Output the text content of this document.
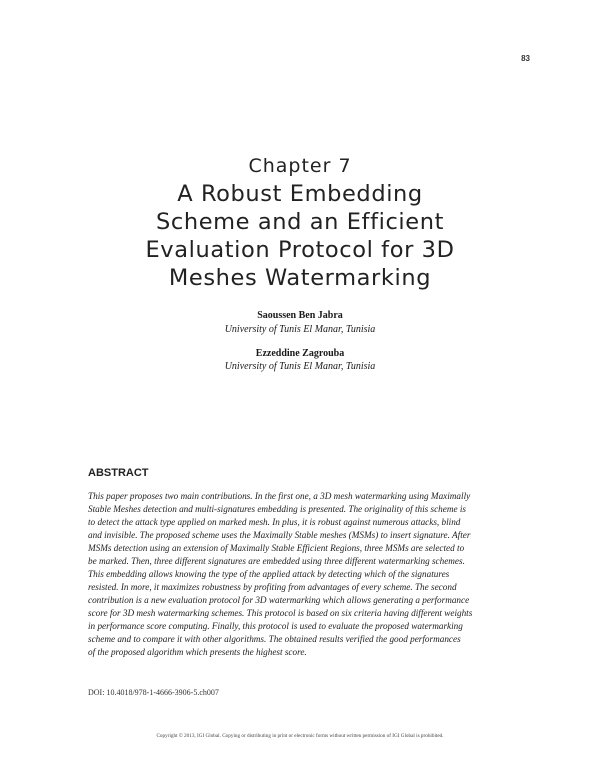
83
Chapter 7
A Robust Embedding
Scheme and an Efficient
Evaluation Protocol for 3D
Meshes Watermarking
Saoussen Ben Jabra
University of Tunis El Manar, Tunisia
Ezzeddine Zagrouba
University of Tunis El Manar, Tunisia
ABSTRACT
This paper proposes two main contributions. In the first one, a 3D mesh watermarking using Maximally
Stable Meshes detection and multi-signatures embedding is presented. The originality of this scheme is
to detect the attack type applied on marked mesh. In plus, it is robust against numerous attacks, blind
and invisible. The proposed scheme uses the Maximally Stable meshes (MSMs) to insert signature. After
MSMs detection using an extension of Maximally Stable Efficient Regions, three MSMs are selected to
be marked. Then, three different signatures are embedded using three different watermarking schemes.
This embedding allows knowing the type of the applied attack by detecting which of the signatures
resisted. In more, it maximizes robustness by profiting from advantages of every scheme. The second
contribution is a new evaluation protocol for 3D watermarking which allows generating a performance
score for 3D mesh watermarking schemes. This protocol is based on six criteria having different weights
in performance score computing. Finally, this protocol is used to evaluate the proposed watermarking
scheme and to compare it with other algorithms. The obtained results verified the good performances
of the proposed algorithm which presents the highest score.
DOI: 10.4018/978-1-4666-3906-5.ch007
Copyright © 2013, IGI Global. Copying or distributing in print or electronic forms without written permission of IGI Global is prohibited.
